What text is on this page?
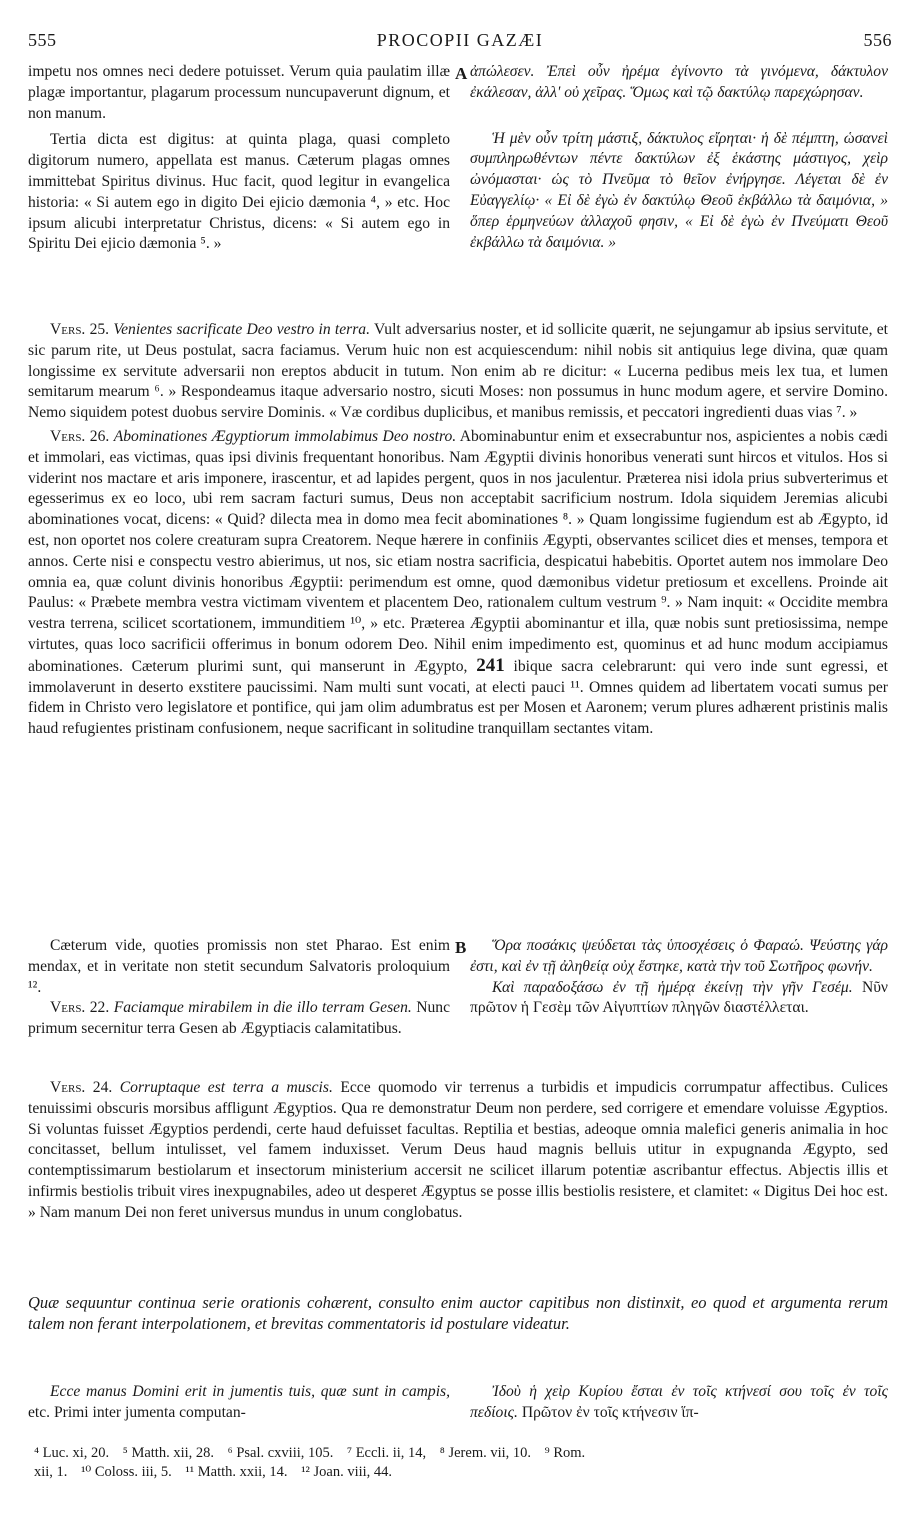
555	PROCOPII GAZÆI	556

impetu nos omnes neci dedere potuisset. Verum quia paulatim illæ plagæ importantur, plagarum processum nuncupaverunt dignum, et non manum.

Tertia dicta est digitus: at quinta plaga, quasi completo digitorum numero, appellata est manus. Cæterum plagas omnes immittebat Spiritus divinus. Huc facit, quod legitur in evangelica historia: « Si autem ego in digito Dei ejicio dæmonia ⁴, » etc. Hoc ipsum alicubi interpretatur Christus, dicens: « Si autem ego in Spiritu Dei ejicio dæmonia ⁵. »

A ἀπώλεσεν. Ἐπεὶ οὖν ἠρέμα ἐγίνοντο τὰ γινόμενα, δάκτυλον ἐκάλεσαν, ἀλλ' οὐ χεῖρας. Ὅμως καὶ τῷ δακτύλῳ παρεχώρησαν.

Ἡ μὲν οὖν τρίτη μάστιξ, δάκτυλος εἴρηται· ἡ δὲ πέμπτη, ὡσανεὶ συμπληρωθέντων πέντε δακτύλων ἐξ ἑκάστης μάστιγος, χεὶρ ὠνόμασται· ὡς τὸ Πνεῦμα τὸ θεῖον ἐνήργησε. Λέγεται δὲ ἐν Εὐαγγελίῳ· « Εἰ δὲ ἐγὼ ἐν δακτύλῳ Θεοῦ ἐκβάλλω τὰ δαιμόνια, » ὅπερ ἑρμηνεύων ἀλλαχοῦ φησιν, « Εἰ δὲ ἐγὼ ἐν Πνεύματι Θεοῦ ἐκβάλλω τὰ δαιμόνια. »

Vers. 25. Venientes sacrificate Deo vestro in terra. Vult adversarius noster, et id sollicite quærit, ne sejungamur ab ipsius servitute, et sic parum rite, ut Deus postulat, sacra faciamus. Verum huic non est acquiescendum: nihil nobis sit antiquius lege divina, quæ quam longissime ex servitute adversarii non ereptos abducit in tutum. Non enim ab re dicitur: « Lucerna pedibus meis lex tua, et lumen semitarum mearum ⁶. » Respondeamus itaque adversario nostro, sicuti Moses: non possumus in hunc modum agere, et servire Domino. Nemo siquidem potest duobus servire Dominis. « Væ cordibus duplicibus, et manibus remissis, et peccatori ingredienti duas vias ⁷. »

Vers. 26. Abominationes Ægyptiorum immolabimus Deo nostro. Abominabuntur enim et exsecrabuntur nos, aspicientes a nobis cædi et immolari, eas victimas, quas ipsi divinis frequentant honoribus. Nam Ægyptii divinis honoribus venerati sunt hircos et vitulos. Hos si viderint nos mactare et aris imponere, irascentur, et ad lapides pergent, quos in nos jaculentur. Præterea nisi idola prius subverterimus et egesserimus ex eo loco, ubi rem sacram facturi sumus, Deus non acceptabit sacrificium nostrum. Idola siquidem Jeremias alicubi abominationes vocat, dicens: « Quid? dilecta mea in domo mea fecit abominationes ⁸. » Quam longissime fugiendum est ab Ægypto, id est, non oportet nos colere creaturam supra Creatorem. Neque hærere in confiniis Ægypti, observantes scilicet dies et menses, tempora et annos. Certe nisi e conspectu vestro abierimus, ut nos, sic etiam nostra sacrificia, despicatui habebitis. Oportet autem nos immolare Deo omnia ea, quæ colunt divinis honoribus Ægyptii: perimendum est omne, quod dæmonibus videtur pretiosum et excellens. Proinde ait Paulus: « Præbete membra vestra victimam viventem et placentem Deo, rationalem cultum vestrum ⁹. » Nam inquit: « Occidite membra vestra terrena, scilicet scortationem, immunditiem ¹⁰, » etc. Præterea Ægyptii abominantur et illa, quæ nobis sunt pretiosissima, nempe virtutes, quas loco sacrificii offerimus in bonum odorem Deo. Nihil enim impedimento est, quominus et ad hunc modum accipiamus abominationes. Cæterum plurimi sunt, qui manserunt in Ægypto, 241 ibique sacra celebrarunt: qui vero inde sunt egressi, et immolaverunt in deserto exstitere paucissimi. Nam multi sunt vocati, at electi pauci ¹¹. Omnes quidem ad libertatem vocati sumus per fidem in Christo vero legislatore et pontifice, qui jam olim adumbratus est per Mosen et Aaronem; verum plures adhærent pristinis malis haud refugientes pristinam confusionem, neque sacrificant in solitudine tranquillam sectantes vitam.

Cæterum vide, quoties promissis non stet Pharao. Est enim mendax, et in veritate non stetit secundum Salvatoris proloquium ¹².

Vers. 22. Faciamque mirabilem in die illo terram Gesen. Nunc primum secernitur terra Gesen ab Ægyptiacis calamitatibus.

B	Ὅρα ποσάκις ψεύδεται τὰς ὑποσχέσεις ὁ Φαραώ. Ψεύστης γάρ ἐστι, καὶ ἐν τῇ ἀληθείᾳ οὐχ ἕστηκε, κατὰ τὴν τοῦ Σωτῆρος φωνήν.

Καὶ παραδοξάσω ἐν τῇ ἡμέρᾳ ἐκείνῃ τὴν γῆν Γεσέμ. Νῦν πρῶτον ἡ Γεσὲμ τῶν Αἰγυπτίων πληγῶν διαστέλλεται.

Vers. 24. Corruptaque est terra a muscis. Ecce quomodo vir terrenus a turbidis et impudicis corrumpatur affectibus. Culices tenuissimi obscuris morsibus affligunt Ægyptios. Qua re demonstratur Deum non perdere, sed corrigere et emendare voluisse Ægyptios. Si voluntas fuisset Ægyptios perdendi, certe haud defuisset facultas. Reptilia et bestias, adeoque omnia malefici generis animalia in hoc concitasset, bellum intulisset, vel famem induxisset. Verum Deus haud magnis belluis utitur in expugnanda Ægypto, sed contemptissimarum bestiolarum et insectorum ministerium accersit ne scilicet illarum potentiæ ascribantur effectus. Abjectis illis et infirmis bestiolis tribuit vires inexpugnabiles, adeo ut desperet Ægyptus se posse illis bestiolis resistere, et clamitet: « Digitus Dei hoc est. » Nam manum Dei non feret universus mundus in unum conglobatus.

Quæ sequuntur continua serie orationis cohærent, consulto enim auctor capitibus non distinxit, eo quod et argumenta rerum talem non ferant interpolationem, et brevitas commentatoris id postulare videatur.

Ecce manus Domini erit in jumentis tuis, quæ sunt in campis, etc. Primi inter jumenta computan-

Ἰδοὺ ἡ χεὶρ Κυρίου ἔσται ἐν τοῖς κτήνεσί σου τοῖς ἐν τοῖς πεδίοις. Πρῶτον ἐν τοῖς κτήνεσιν ἵπ-

⁴ Luc. xi, 20. ⁵ Matth. xii, 28. ⁶ Psal. cxviii, 105. ⁷ Eccli. ii, 14, ⁸ Jerem. vii, 10. ⁹ Rom.
xii, 1. ¹⁰ Coloss. iii, 5. ¹¹ Matth. xxii, 14. ¹² Joan. viii, 44.
